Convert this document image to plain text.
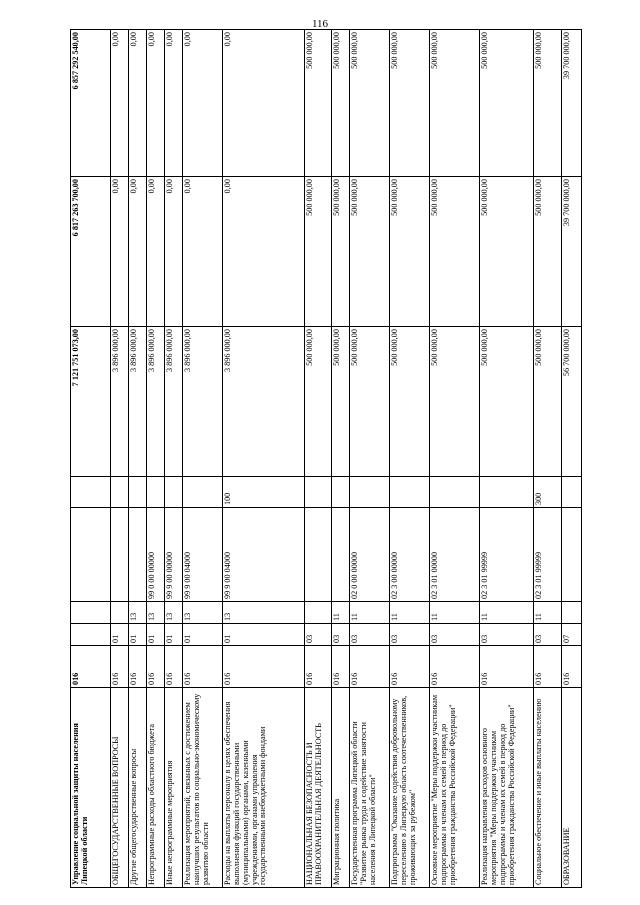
116
Управление социальной защиты населения Липецкой области	016					7 121 751 073,00	6 817 263 700,00	6 857 292 540,00
ОБЩЕГОСУДАРСТВЕННЫЕ ВОПРОСЫ	016	01				3 896 000,00	0,00	0,00
Другие общегосударственные вопросы	016	01	13			3 896 000,00	0,00	0,00
Непрограммные расходы областного бюджета	016	01	13	99 0 00 00000		3 896 000,00	0,00	0,00
Иные непрограммные мероприятия	016	01	13	99 9 00 00000		3 896 000,00	0,00	0,00
Реализация мероприятий, связанных с достижением наилучших результатов по социально-экономическому развитию области	016	01	13	99 9 00 04000		3 896 000,00	0,00	0,00
Расходы на выплаты персоналу в целях обеспечения выполнения функций государственными (муниципальными) органами, казенными учреждениями, органами управления государственными внебюджетными фондами	016	01	13	99 9 00 04000	100	3 896 000,00	0,00	0,00
НАЦИОНАЛЬНАЯ БЕЗОПАСНОСТЬ И ПРАВООХРАНИТЕЛЬНАЯ ДЕЯТЕЛЬНОСТЬ	016	03				500 000,00	500 000,00	500 000,00
Миграционная политика	016	03	11			500 000,00	500 000,00	500 000,00
Государственная программа Липецкой области "Развитие рынка труда и содействие занятости населения в Липецкой области"	016	03	11	02 0 00 00000		500 000,00	500 000,00	500 000,00
Подпрограмма "Оказание содействия добровольному переселению в Липецкую область соотечественников, проживающих за рубежом"	016	03	11	02 3 00 00000		500 000,00	500 000,00	500 000,00
Основное мероприятие "Меры поддержки участникам подпрограммы и членам их семей в период до приобретения гражданства Российской Федерации"	016	03	11	02 3 01 00000		500 000,00	500 000,00	500 000,00
Реализация направления расходов основного мероприятия "Меры поддержки участникам подпрограммы и членам их семей в период до приобретения гражданства Российской Федерации"	016	03	11	02 3 01 99999		500 000,00	500 000,00	500 000,00
Социальное обеспечение и иные выплаты населению	016	03	11	02 3 01 99999	300	500 000,00	500 000,00	500 000,00
ОБРАЗОВАНИЕ	016	07				56 700 000,00	39 700 000,00	39 700 000,00
